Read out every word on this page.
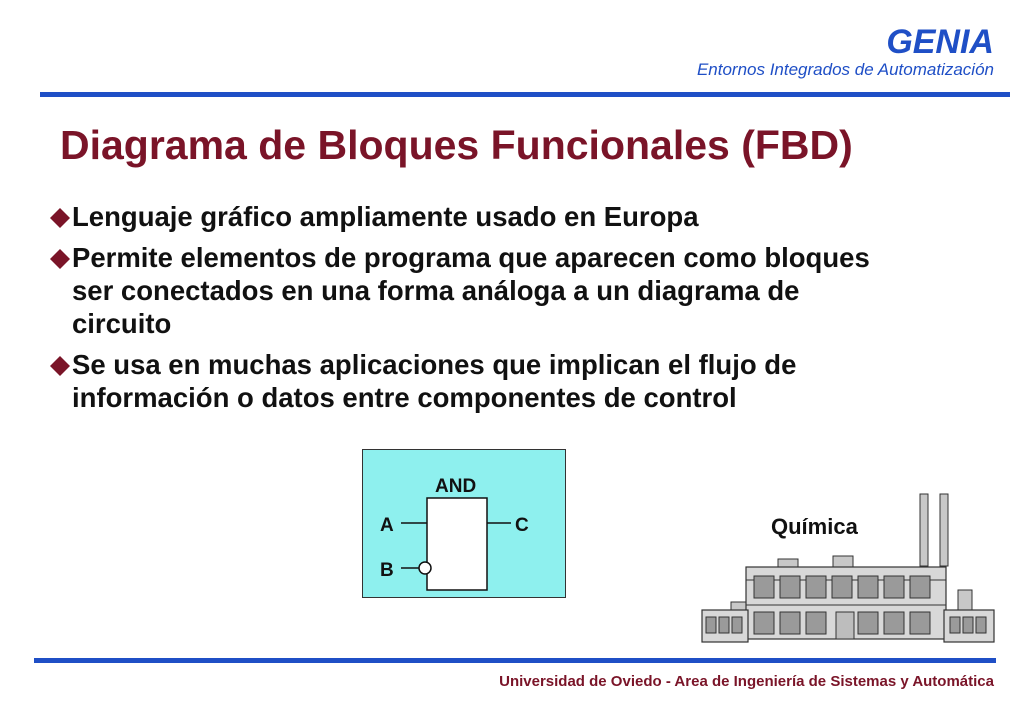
GENIA
Entornos Integrados de Automatización
Diagrama de Bloques Funcionales (FBD)
Lenguaje gráfico ampliamente usado en Europa
Permite elementos de programa que aparecen como bloques
ser conectados en una forma análoga a un diagrama de
circuito
Se usa en muchas aplicaciones que implican el flujo de
información o datos entre componentes de control
AND
A
B
C	Química
Universidad de Oviedo - Area de Ingeniería de Sistemas y Automática
